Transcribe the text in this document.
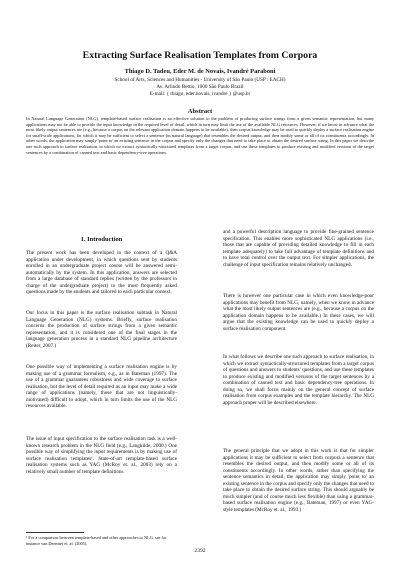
Extracting Surface Realisation Templates from Corpora
Thiago D. Tadeu, Eder M. de Novais, Ivandré Paraboni
School of Arts, Sciences and Humanities - University of São Paulo (USP / EACH)
Av. Arlindo Bettio, 1000 São Paulo Brazil
E-mail: { thiago, eder.novais, ivandre } @usp.br
Abstract

In Natural Language Generation (NLG), template-based surface realisation is an effective solution to the problem of producing surface strings from a given semantic representation, but many applications may not be able to provide the input knowledge in the required level of detail, which in turn may limit the use of the available NLG resources. However, if we know in advance what the most likely output sentences are (e.g., because a corpus on the relevant application domain happens to be available), then corpus knowledge may be used to quickly deploy a surface realisation engine for small-scale applications, for which it may be sufficient to select a sentence (in natural language) that resembles the desired output, and then modify some or all of its constituents accordingly. In other words, the application may simply 'point to' an existing sentence in the corpus and specify only the changes that need to take place to obtain the desired surface string. In this paper we describe one such approach to surface realisation, in which we extract syntactically-structured templates from a target corpus, and use these templates to produce existing and modified versions of the target sentences by a combination of canned text and basic dependency-tree operations.

1. Introduction

The present work has been developed in the context of a Q&A application under development, in which questions sent by students enrolled in an undergraduate project course will be answered semi-automatically by the system. In this application, answers are selected from a large database of standard replies (written by the professors in charge of the undergraduate project) to the most frequently asked questions made by the students and tailored to each particular context.

Our focus in this paper is the surface realisation subtask in Natural Language Generation (NLG) systems. Briefly, surface realisation concerns the production of surface strings from a given semantic representation, and it is considered one of the final stages in the language generation process in a standard NLG pipeline architecture (Reiter, 2007.)

One possible way of implementing a surface realisation engine is by making use of a grammar formalism, e.g., as in Bateman (1997). The use of a grammar guarantees robustness and wide coverage to surface realisation, but the level of detail required as an input may make a wide range of applications (namely, those that are not linguistically-motivated) difficult to adopt, which in turn limits the use of the NLG resources available.

The issue of input specification to the surface realisation task is a well-known research problem in the NLG field (e.g., Langkilde, 2000.) One possible way of simplifying the input requirements is by making use of surface realisation templates¹. State-of-art template-based surface realisation systems such as YAG (McRoy et. al., 2003) rely on a relatively small number of template definitions

¹ For a comparison between template-based and other approaches to NLG, see for instance van Deemter et. al. (2005).

and a powerful description language to provide fine-grained sentence specification. This enables more sophisticated NLG applications (i.e., those that are capable of providing detailed knowledge to fill in each template adequately) to take full advantage of template definitions and to have total control over the output text. For simpler applications, the challenge of input specification remains relatively unchanged.

There is however one particular case in which even knowledge-poor applications may benefit from NLG, namely, when we know in advance what the most likely output sentences are (e.g., because a corpus on the application domain happens to be available.) In these cases, we will argue that the existing knowledge can be used to quickly deploy a surface realisation component.

In what follows we describe one such approach to surface realisation, in which we extract syntactically-structured templates from a target corpus of questions and answers to students' questions, and use these templates to produce existing and modified versions of the target sentences by a combination of canned text and basic dependency-tree operations. In doing so, we shall focus mainly on the general concept of surface realisation from corpus examples and the template hierarchy. The NLG approach proper will be described elsewhere.

The general principle that we adopt in this work is that for simpler applications it may be sufficient to select from corpora a sentence that resembles the desired output, and then modify some or all of its constituents accordingly. In other words, rather than specifying the sentence semantics in detail, the application may simply 'point to' an existing sentence in the corpus and specify only the changes that need to take place to obtain the desired surface string. This should arguably be much simpler (and of course much less flexible) than using a grammar-based surface realisation engine (e.g., Bateman, 1997) or even YAG-style templates (McRoy et. al., 1993.)

2392
